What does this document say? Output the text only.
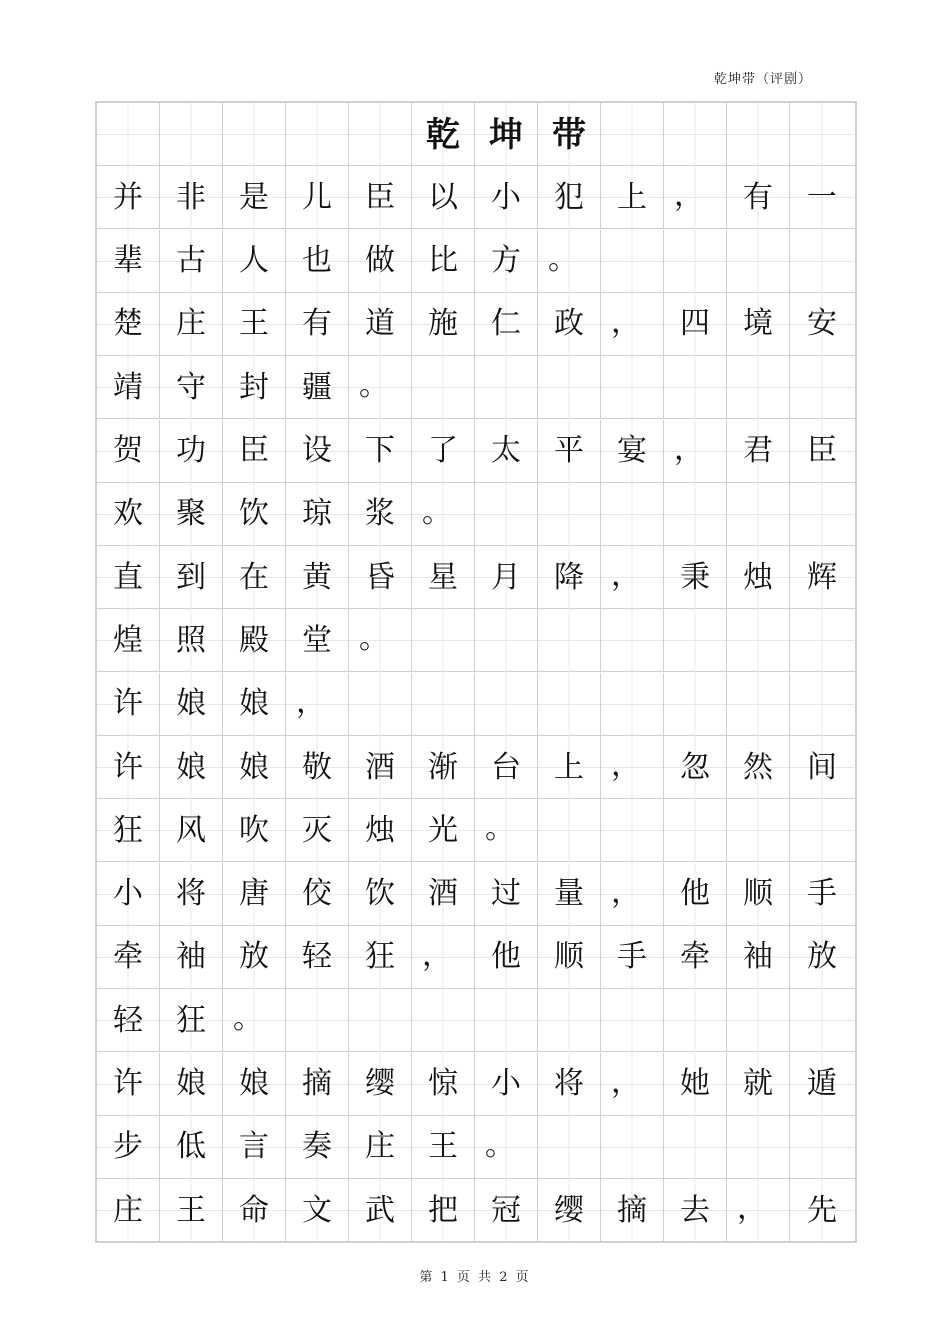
乾坤带（评剧）
乾 坤 带
并	非	是	儿	臣	以	小	犯	上 ，	有	一
辈	古	人	也	做	比	方 。
楚	庄	王	有	道	施	仁	政 ，	四	境	安
靖	守	封	疆 。
贺	功	臣	设	下	了	太	平	宴 ，	君	臣
欢	聚	饮	琼	浆 。
直	到	在	黄	昏	星	月	降 ，	秉	烛	辉
煌	照	殿	堂 。
许	娘	娘 ，
许	娘	娘	敬	酒	渐	台	上 ，	忽	然	间
狂	风	吹	灭	烛	光 。
小	将	唐	佼	饮	酒	过	量 ，	他	顺	手
牵	袖	放	轻	狂 ，	他	顺	手	牵	袖	放
轻	狂 。
许	娘	娘	摘	缨	惊	小	将 ，	她	就	遁
步	低	言	奏	庄	王 。
庄	王	命	文	武	把	冠	缨	摘	去 ，	先
第 1 页 共 2 页
